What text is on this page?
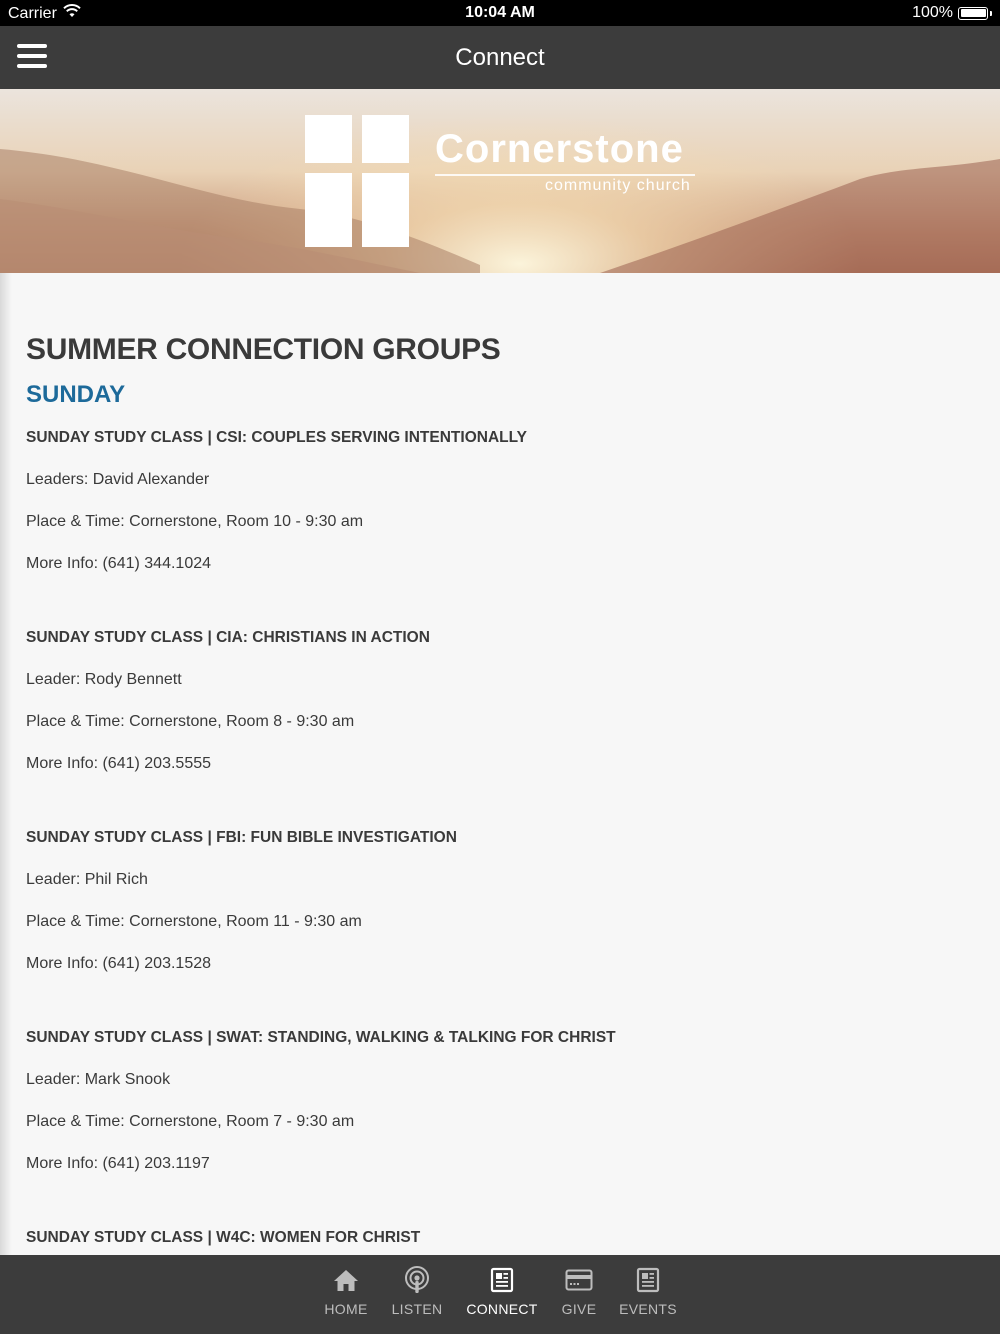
Carrier	10:04 AM	100%
Connect
Cornerstone
community church
SUMMER CONNECTION GROUPS
SUNDAY
SUNDAY STUDY CLASS | CSI: COUPLES SERVING INTENTIONALLY
Leaders: David Alexander
Place & Time: Cornerstone, Room 10 - 9:30 am
More Info: (641) 344.1024
SUNDAY STUDY CLASS | CIA: CHRISTIANS IN ACTION
Leader: Rody Bennett
Place & Time: Cornerstone, Room 8 - 9:30 am
More Info: (641) 203.5555
SUNDAY STUDY CLASS | FBI: FUN BIBLE INVESTIGATION
Leader: Phil Rich
Place & Time: Cornerstone, Room 11 - 9:30 am
More Info: (641) 203.1528
SUNDAY STUDY CLASS | SWAT: STANDING, WALKING & TALKING FOR CHRIST
Leader: Mark Snook
Place & Time: Cornerstone, Room 7 - 9:30 am
More Info: (641) 203.1197
SUNDAY STUDY CLASS | W4C: WOMEN FOR CHRIST
HOME	LISTEN	CONNECT	GIVE	EVENTS
